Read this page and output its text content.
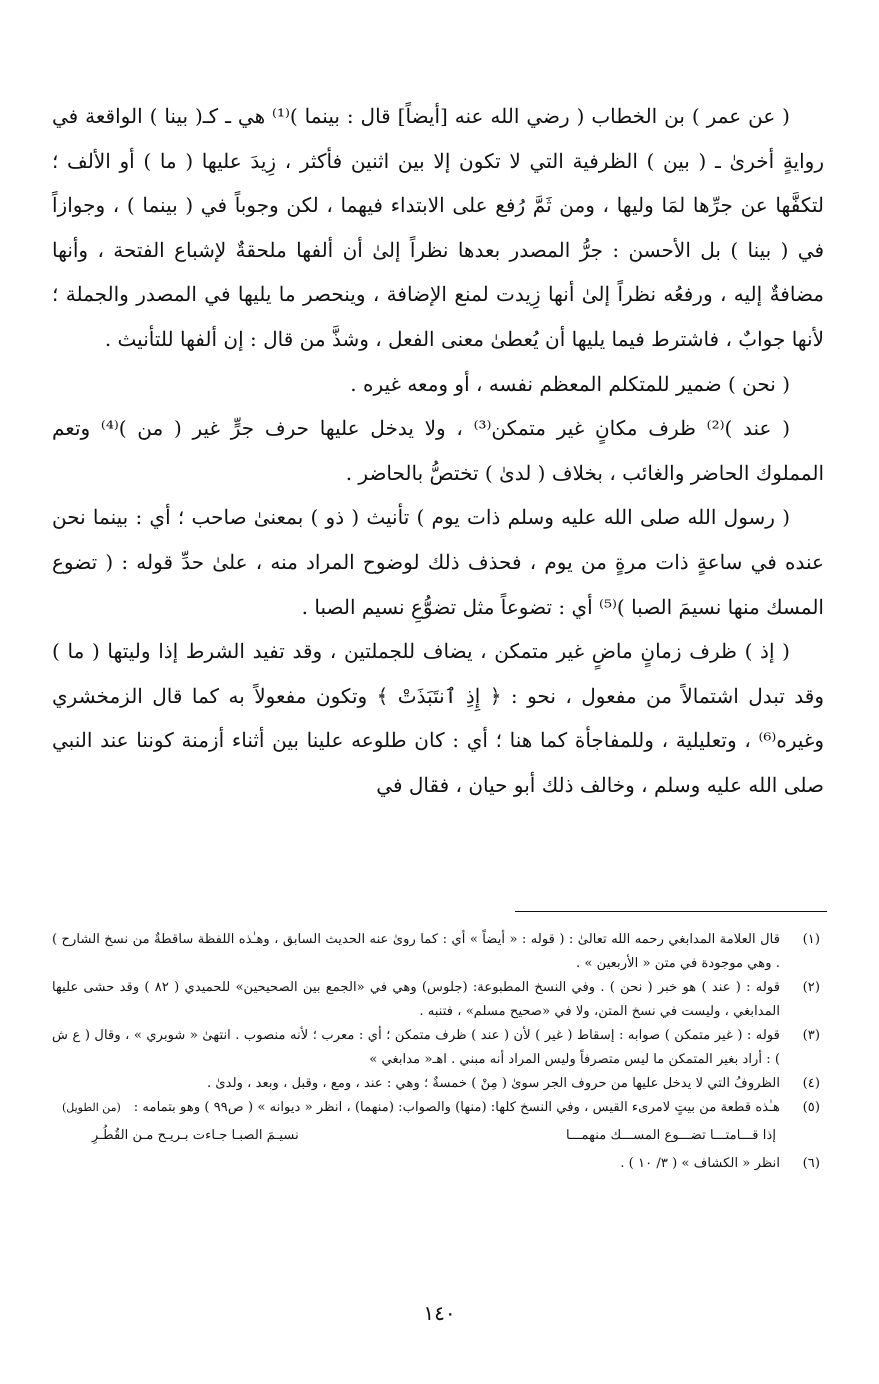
( عن عمر ) بن الخطاب ( رضي الله عنه [أيضاً] قال : بينما )⁽¹⁾ هي ـ كـ( بينا ) الواقعة في روايةٍ أخرىٰ ـ ( بين ) الظرفية التي لا تكون إلا بين اثنين فأكثر ، زِيدَ عليها ( ما ) أو الألف ؛ لتكفَّها عن جرِّها لمَا وليها ، ومن ثَمَّ رُفع على الابتداء فيهما ، لكن وجوباً في ( بينما ) ، وجوازاً في ( بينا ) بل الأحسن : جرُّ المصدر بعدها نظراً إلىٰ أن ألفها ملحقةٌ لإشباع الفتحة ، وأنها مضافةٌ إليه ، ورفعُه نظراً إلىٰ أنها زِيدت لمنع الإضافة ، وينحصر ما يليها في المصدر والجملة ؛ لأنها جوابٌ ، فاشترط فيما يليها أن يُعطىٰ معنى الفعل ، وشذَّ من قال : إن ألفها للتأنيث .

( نحن ) ضمير للمتكلم المعظم نفسه ، أو ومعه غيره .

( عند )⁽²⁾ ظرف مكانٍ غير متمكن⁽³⁾ ، ولا يدخل عليها حرف جرٍّ غير ( من )⁽⁴⁾ وتعم المملوك الحاضر والغائب ، بخلاف ( لدىٰ ) تختصُّ بالحاضر .

( رسول الله صلى الله عليه وسلم ذات يوم ) تأنيث ( ذو ) بمعنىٰ صاحب ؛ أي : بينما نحن عنده في ساعةٍ ذات مرةٍ من يوم ، فحذف ذلك لوضوح المراد منه ، علىٰ حدِّ قوله : ( تضوع المسك منها نسيمَ الصبا )⁽⁵⁾ أي : تضوعاً مثل تضوُّعِ نسيم الصبا .

( إذ ) ظرف زمانٍ ماضٍ غير متمكن ، يضاف للجملتين ، وقد تفيد الشرط إذا وليتها ( ما ) وقد تبدل اشتمالاً من مفعول ، نحو : ﴿ إِذِ ٱنتَبَذَتْ ﴾ وتكون مفعولاً به كما قال الزمخشري وغيره⁽⁶⁾ ، وتعليلية ، وللمفاجأة كما هنا ؛ أي : كان طلوعه علينا بين أثناء أزمنة كوننا عند النبي صلى الله عليه وسلم ، وخالف ذلك أبو حيان ، فقال في

(١)
قال العلامة المدابغي رحمه الله تعالىٰ : ( قوله : « أيضاً » أي : كما روىٰ عنه الحديث السابق ، وهـٰذه اللفظة ساقطةٌ من نسخ الشارح ) . وهي موجودة في متن « الأربعين » .
(٢)
قوله : ( عند ) هو خبر ( نحن ) . وفي النسخ المطبوعة: (جلوس) وهي في «الجمع بين الصحيحين» للحميدي ( ٨٢ ) وقد حشى عليها المدابغي ، وليست في نسخ المتن، ولا في «صحيح مسلم» ، فتنبه .
(٣)
قوله : ( غير متمكن ) صوابه : إسقاط ( غير ) لأن ( عند ) ظرف متمكن ؛ أي : معرب ؛ لأنه منصوب . انتهىٰ « شوبري » ، وقال ( ع ش ) : أراد بغير المتمكن ما ليس متصرفاً وليس المراد أنه مبني . اهـ« مدابغي »
(٤)
الظروفُ التي لا يدخل عليها من حروف الجر سوىٰ ( مِنْ ) خمسةٌ ؛ وهي : عند ، ومع ، وقبل ، وبعد ، ولدىٰ .
(٥)
هـٰذه قطعة من بيتٍ لامرىء القيس ، وفي النسخ كلها: (منها) والصواب: (منهما) ، انظر « ديوانه » ( ص٩٩ ) وهو بتمامه :
(من الطويل)
إذا قـــامتـــا تضـــوع المســـك منهمـــا
نسيـمَ الصبـا جـاءت بـريـح مـن القُطُـرِ
(٦)
انظر « الكشاف » ( ٣/ ١٠ ) .
١٤٠
